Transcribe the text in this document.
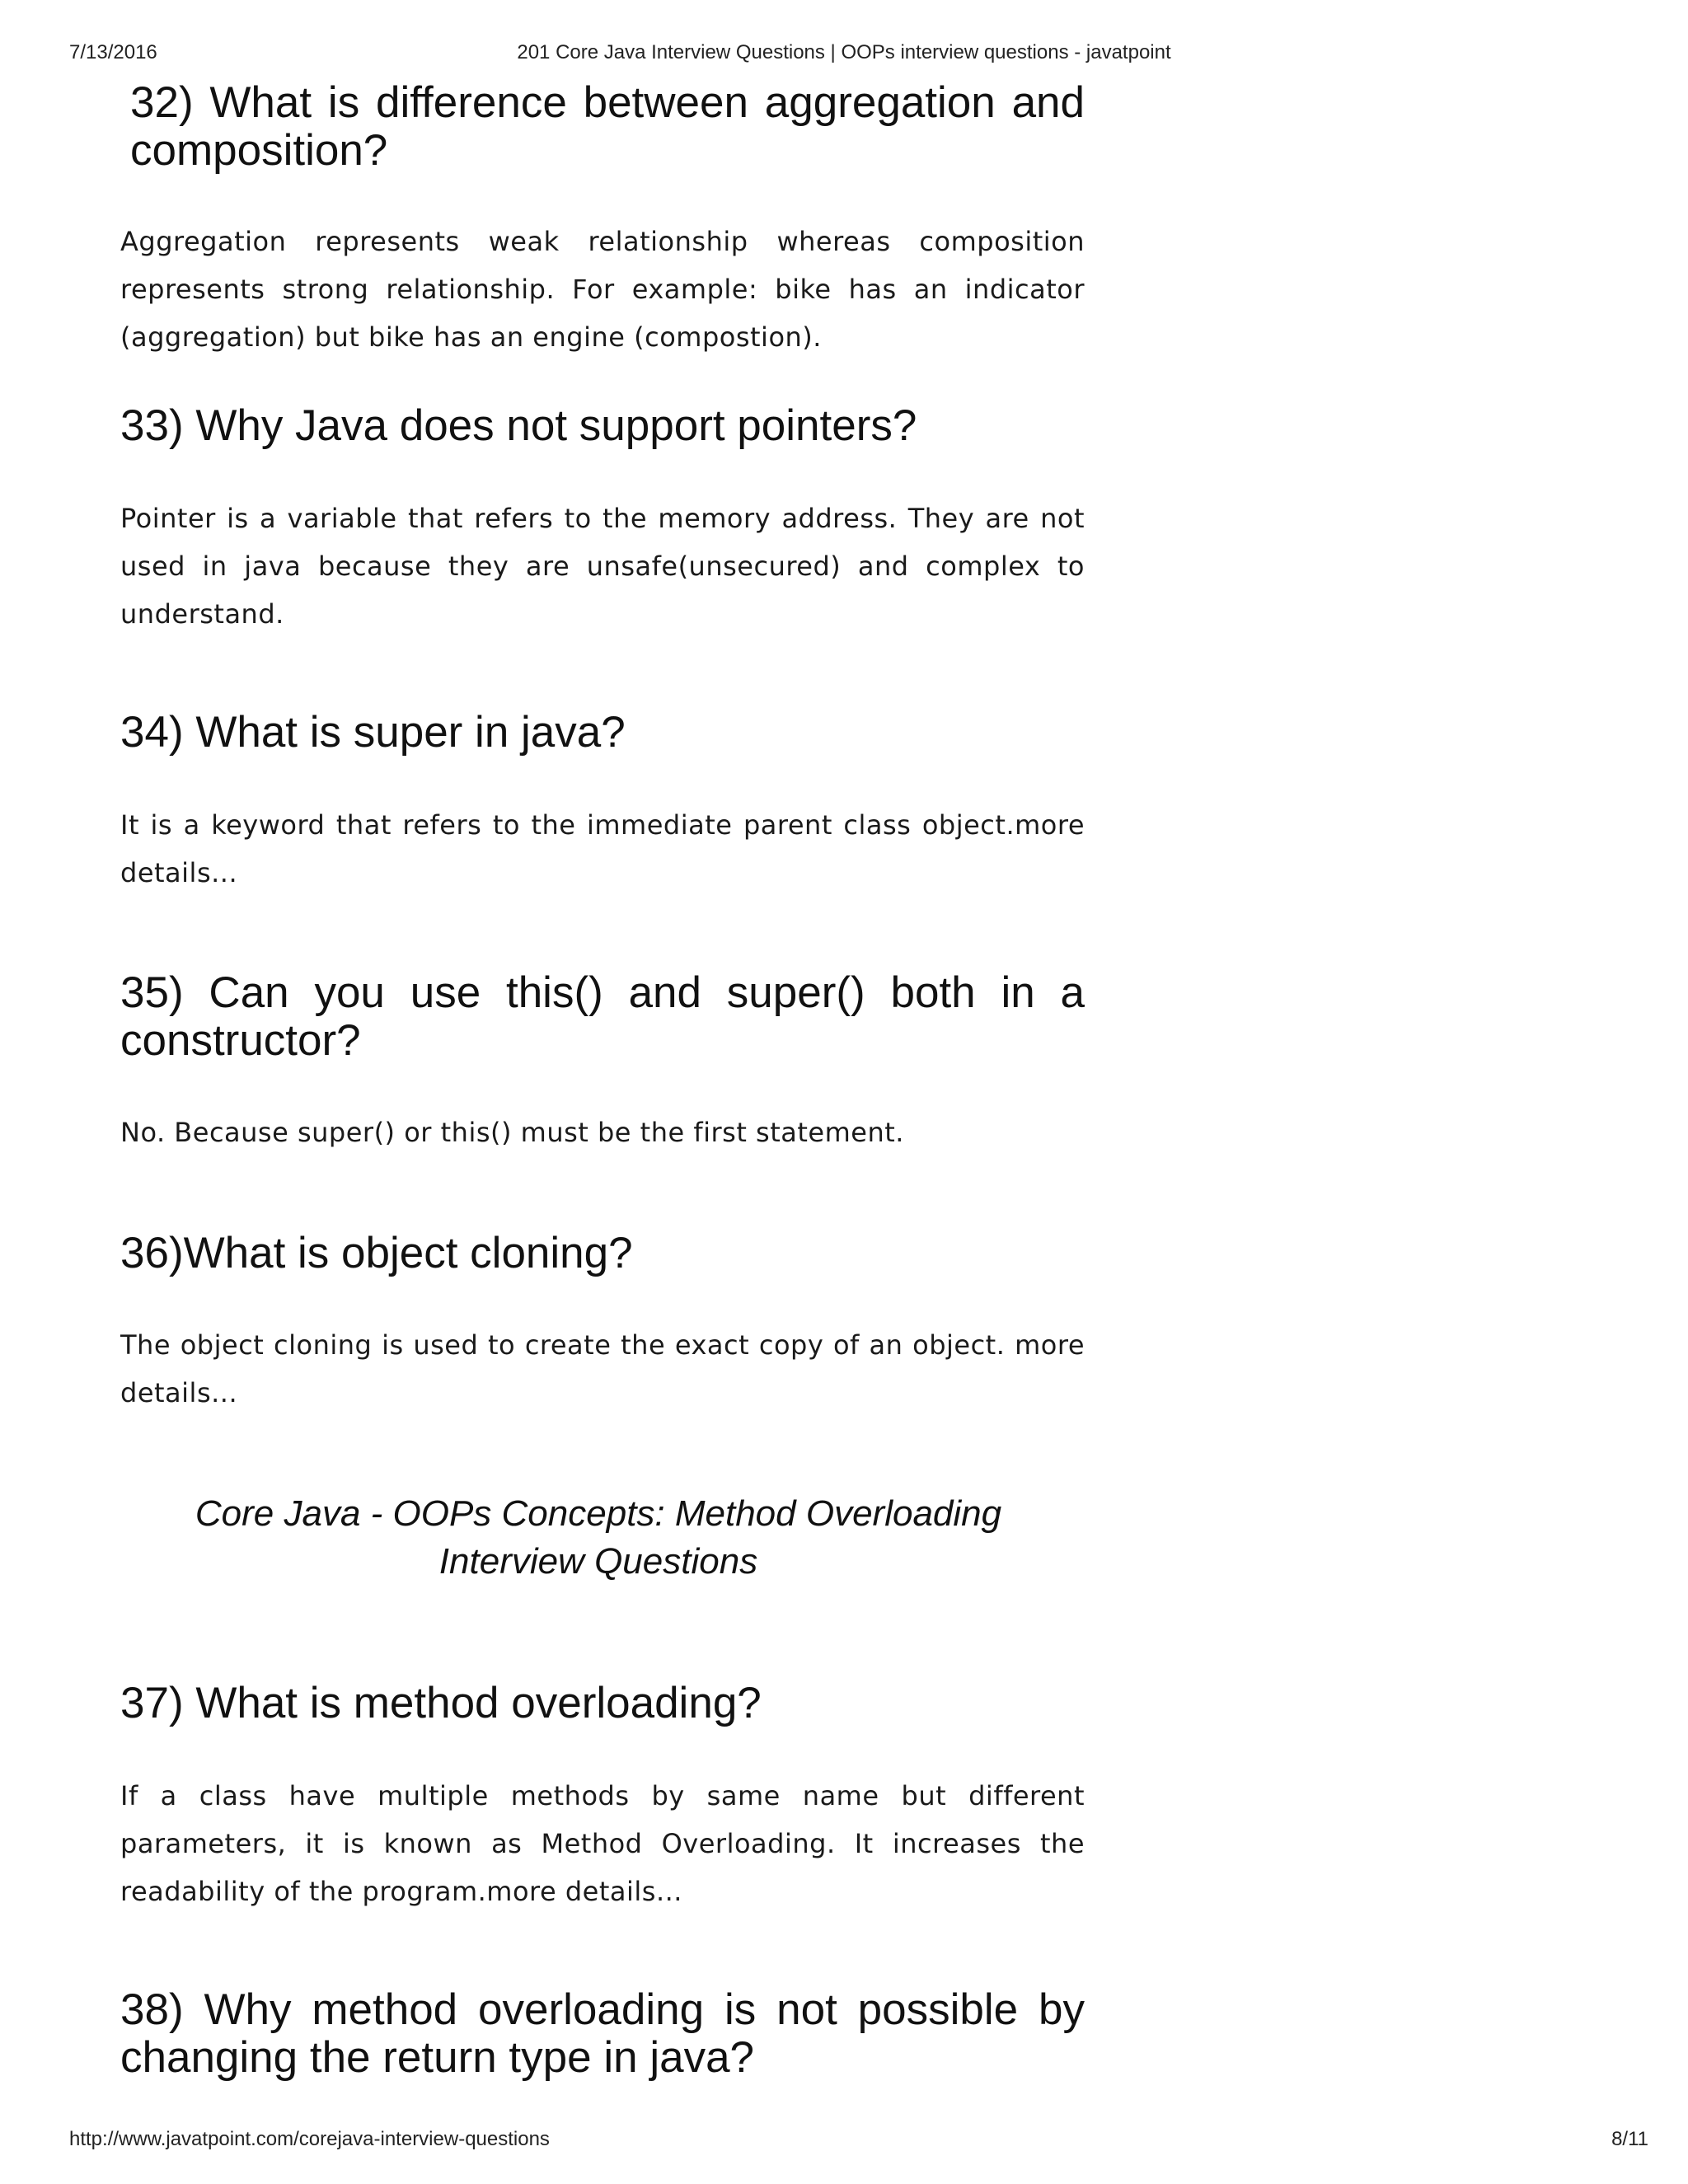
7/13/2016	201 Core Java Interview Questions | OOPs interview questions - javatpoint
32) What is difference between aggregation and composition?

Aggregation represents weak relationship whereas composition represents strong relationship. For example: bike has an indicator (aggregation) but bike has an engine (compostion).

33) Why Java does not support pointers?

Pointer is a variable that refers to the memory address. They are not used in java because they are unsafe(unsecured) and complex to understand.

34) What is super in java?

It is a keyword that refers to the immediate parent class object.more details...

35) Can you use this() and super() both in a constructor?

No. Because super() or this() must be the first statement.

36)What is object cloning?

The object cloning is used to create the exact copy of an object. more details...

Core Java - OOPs Concepts: Method Overloading Interview Questions
37) What is method overloading?

If a class have multiple methods by same name but different parameters, it is known as Method Overloading. It increases the readability of the program.more details...

38) Why method overloading is not possible by changing the return type in java?
http://www.javatpoint.com/corejava-interview-questions	8/11
